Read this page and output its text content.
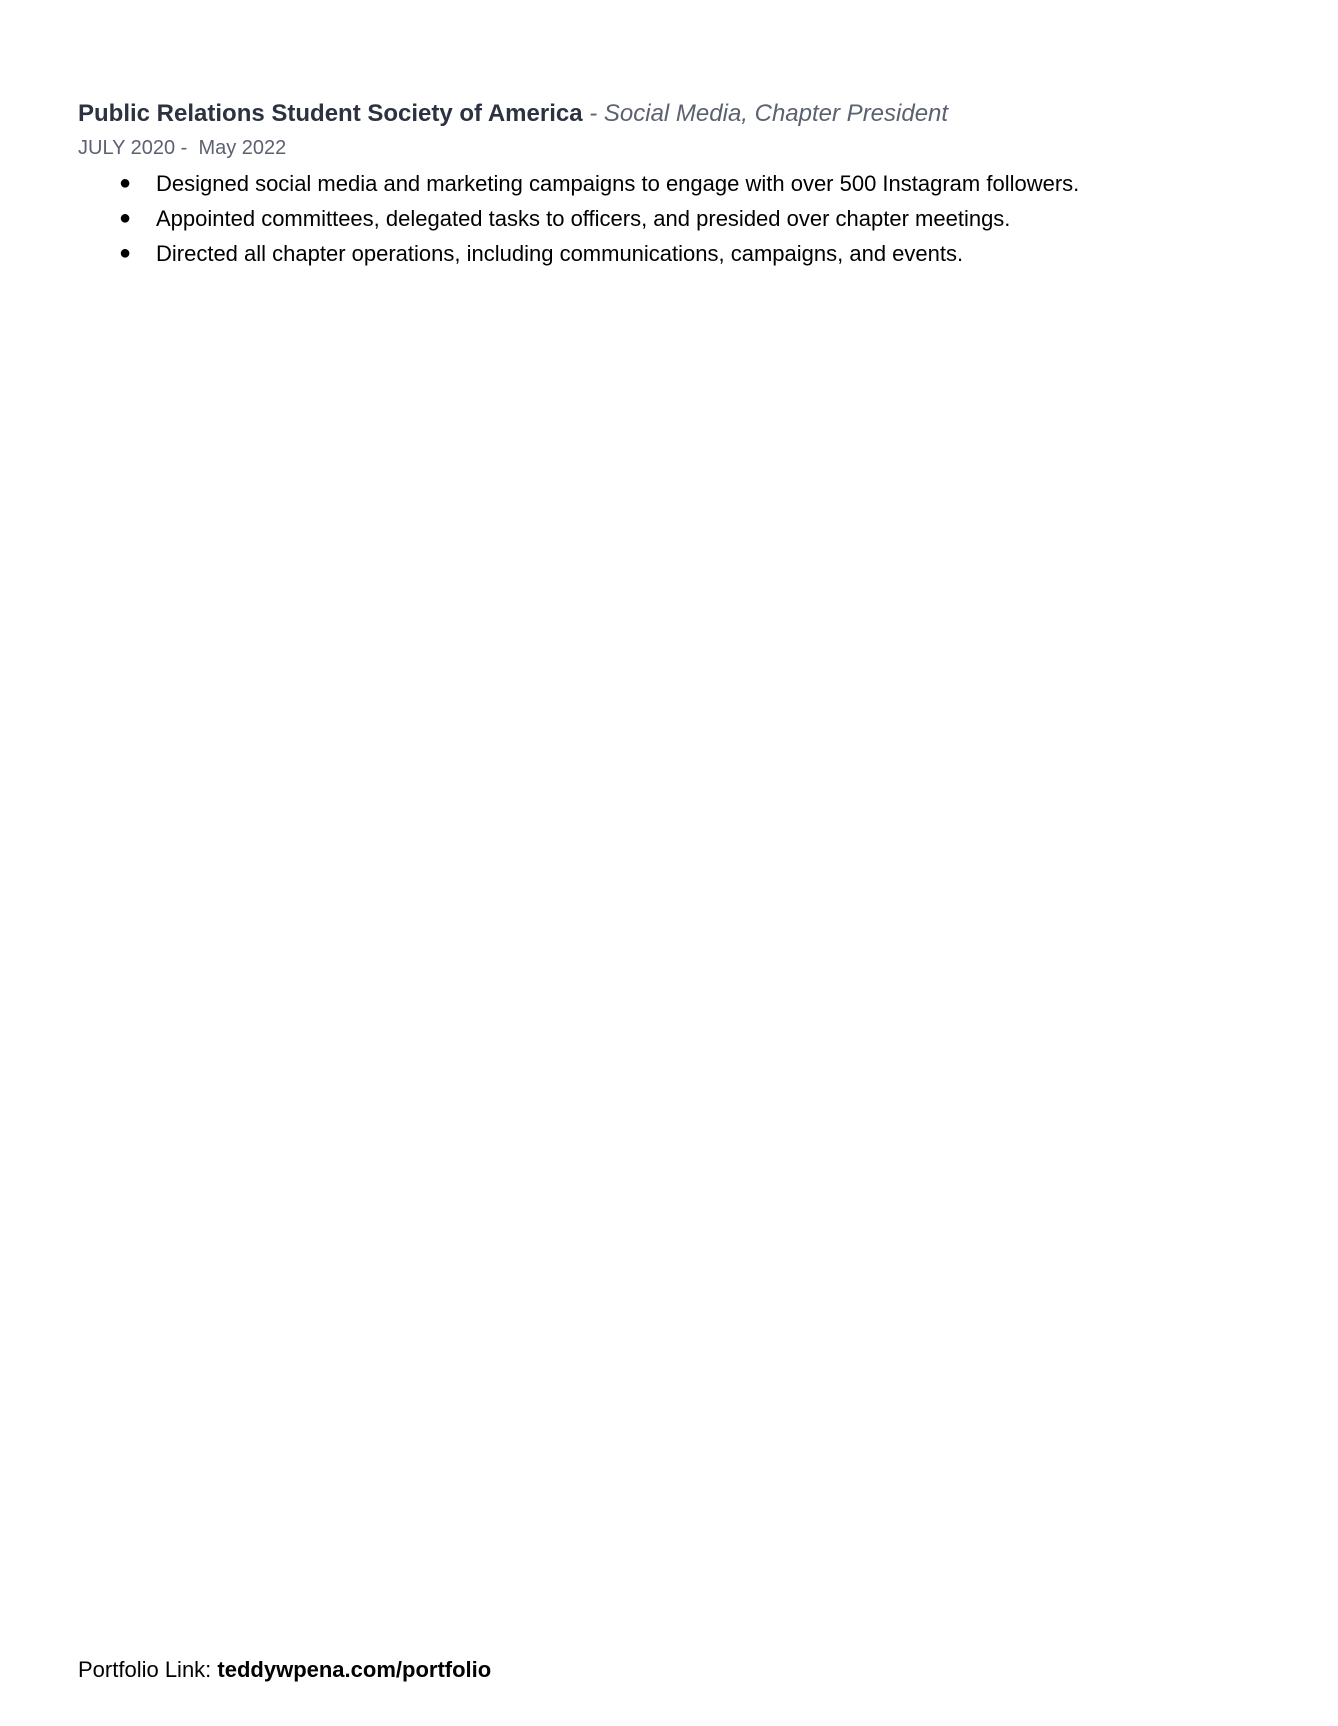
Public Relations Student Society of America - Social Media, Chapter President
JULY 2020 -  May 2022
● Designed social media and marketing campaigns to engage with over 500 Instagram followers.
● Appointed committees, delegated tasks to officers, and presided over chapter meetings.
● Directed all chapter operations, including communications, campaigns, and events.
Portfolio Link: teddywpena.com/portfolio
